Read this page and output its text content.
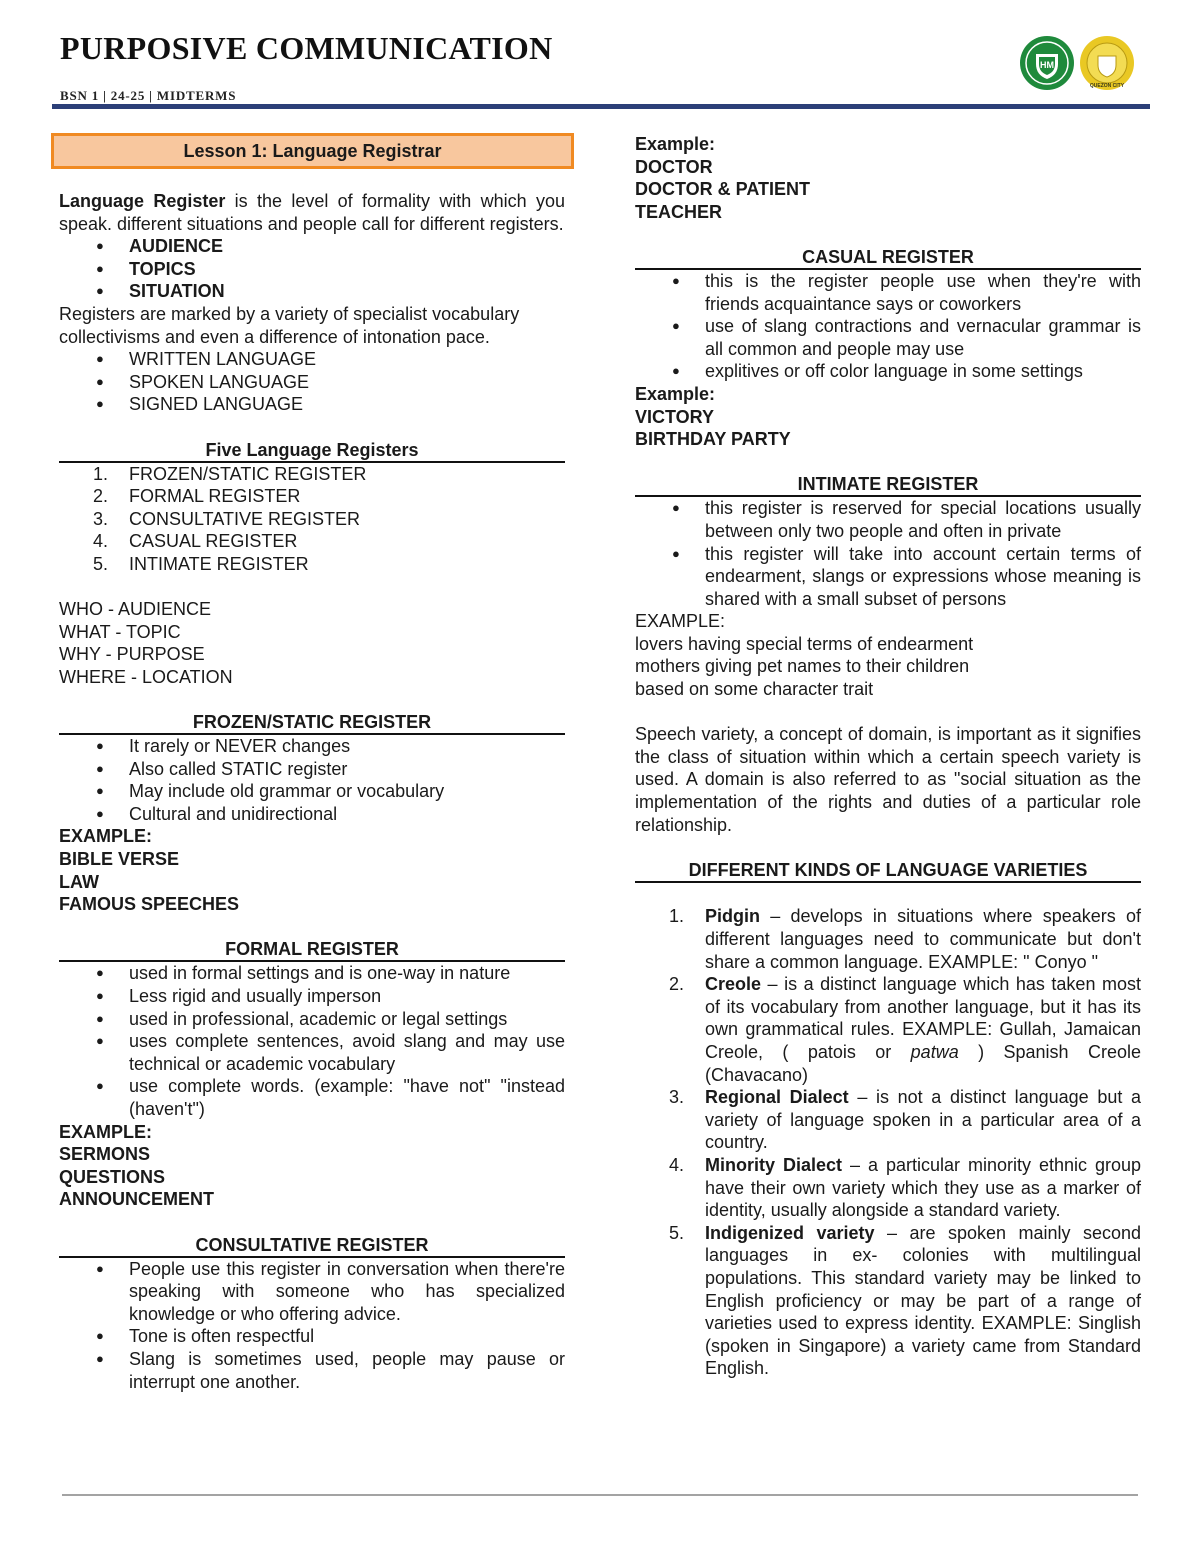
PURPOSIVE COMMUNICATION
BSN 1 | 24-25 | MIDTERMS
HM
QUEZON CITY
Lesson 1: Language Registrar

Language Register is the level of formality with which you speak. different situations and people call for different registers.

● AUDIENCE
● TOPICS
● SITUATION

Registers are marked by a variety of specialist vocabulary collectivisms and even a difference of intonation pace.

● WRITTEN LANGUAGE
● SPOKEN LANGUAGE
● SIGNED LANGUAGE
Five Language Registers
1. FROZEN/STATIC REGISTER
2. FORMAL REGISTER
3. CONSULTATIVE REGISTER
4. CASUAL REGISTER
5. INTIMATE REGISTER

WHO - AUDIENCE

WHAT - TOPIC

WHY - PURPOSE

WHERE - LOCATION

FROZEN/STATIC REGISTER
● It rarely or NEVER changes
● Also called STATIC register
● May include old grammar or vocabulary
● Cultural and unidirectional

EXAMPLE:

BIBLE VERSE

LAW

FAMOUS SPEECHES

FORMAL REGISTER
● used in formal settings and is one-way in nature
● Less rigid and usually imperson
● used in professional, academic or legal settings
● uses complete sentences, avoid slang and may use technical or academic vocabulary
● use complete words. (example: "have not" "instead (haven't")

EXAMPLE:

SERMONS

QUESTIONS

ANNOUNCEMENT

CONSULTATIVE REGISTER
● People use this register in conversation when there're speaking with someone who has specialized knowledge or who offering advice.
● Tone is often respectful
● Slang is sometimes used, people may pause or interrupt one another.

Example:

DOCTOR

DOCTOR & PATIENT

TEACHER

CASUAL REGISTER
● this is the register people use when they're with friends acquaintance says or coworkers
● use of slang contractions and vernacular grammar is all common and people may use
● explitives or off color language in some settings

Example:

VICTORY

BIRTHDAY PARTY

INTIMATE REGISTER
● this register is reserved for special locations usually between only two people and often in private
● this register will take into account certain terms of endearment, slangs or expressions whose meaning is shared with a small subset of persons

EXAMPLE:

lovers having special terms of endearment

mothers giving pet names to their children

based on some character trait

Speech variety, a concept of domain, is important as it signifies the class of situation within which a certain speech variety is used. A domain is also referred to as "social situation as the implementation of the rights and duties of a particular role relationship.

DIFFERENT KINDS OF LANGUAGE VARIETIES
1. Pidgin – develops in situations where speakers of different languages need to communicate but don't share a common language. EXAMPLE: " Conyo "
2. Creole – is a distinct language which has taken most of its vocabulary from another language, but it has its own grammatical rules. EXAMPLE: Gullah, Jamaican Creole, ( patois or patwa ) Spanish Creole (Chavacano)
3. Regional Dialect – is not a distinct language but a variety of language spoken in a particular area of a country.
4. Minority Dialect – a particular minority ethnic group have their own variety which they use as a marker of identity, usually alongside a standard variety.
5. Indigenized variety – are spoken mainly second languages in ex- colonies with multilingual populations. This standard variety may be linked to English proficiency or may be part of a range of varieties used to express identity. EXAMPLE: Singlish (spoken in Singapore) a variety came from Standard English.
